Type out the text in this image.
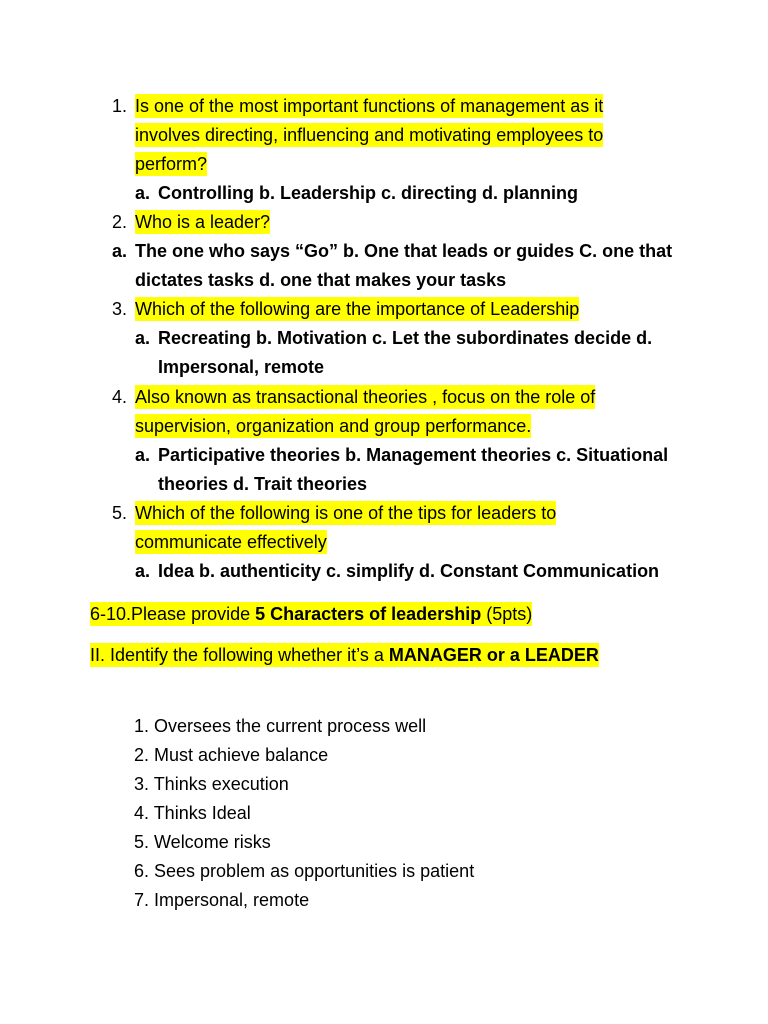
1. Is one of the most important functions of management as it
involves directing, influencing and motivating employees to
perform?
a. Controlling b. Leadership c. directing d. planning
2. Who is a leader?
a. The one who says “Go” b. One that leads or guides C. one that
dictates tasks d. one that makes your tasks
3. Which of the following are the importance of Leadership
a. Recreating b. Motivation c. Let the subordinates decide d.
Impersonal, remote
4. Also known as transactional theories , focus on the role of
supervision, organization and group performance.
a. Participative theories b. Management theories c. Situational
theories d. Trait theories
5. Which of the following is one of the tips for leaders to
communicate effectively
a. Idea b. authenticity c. simplify d. Constant Communication
6-10.Please provide 5 Characters of leadership (5pts)
II. Identify the following whether it’s a MANAGER or a LEADER
1. Oversees the current process well
2. Must achieve balance
3. Thinks execution
4. Thinks Ideal
5. Welcome risks
6. Sees problem as opportunities is patient
7. Impersonal, remote
